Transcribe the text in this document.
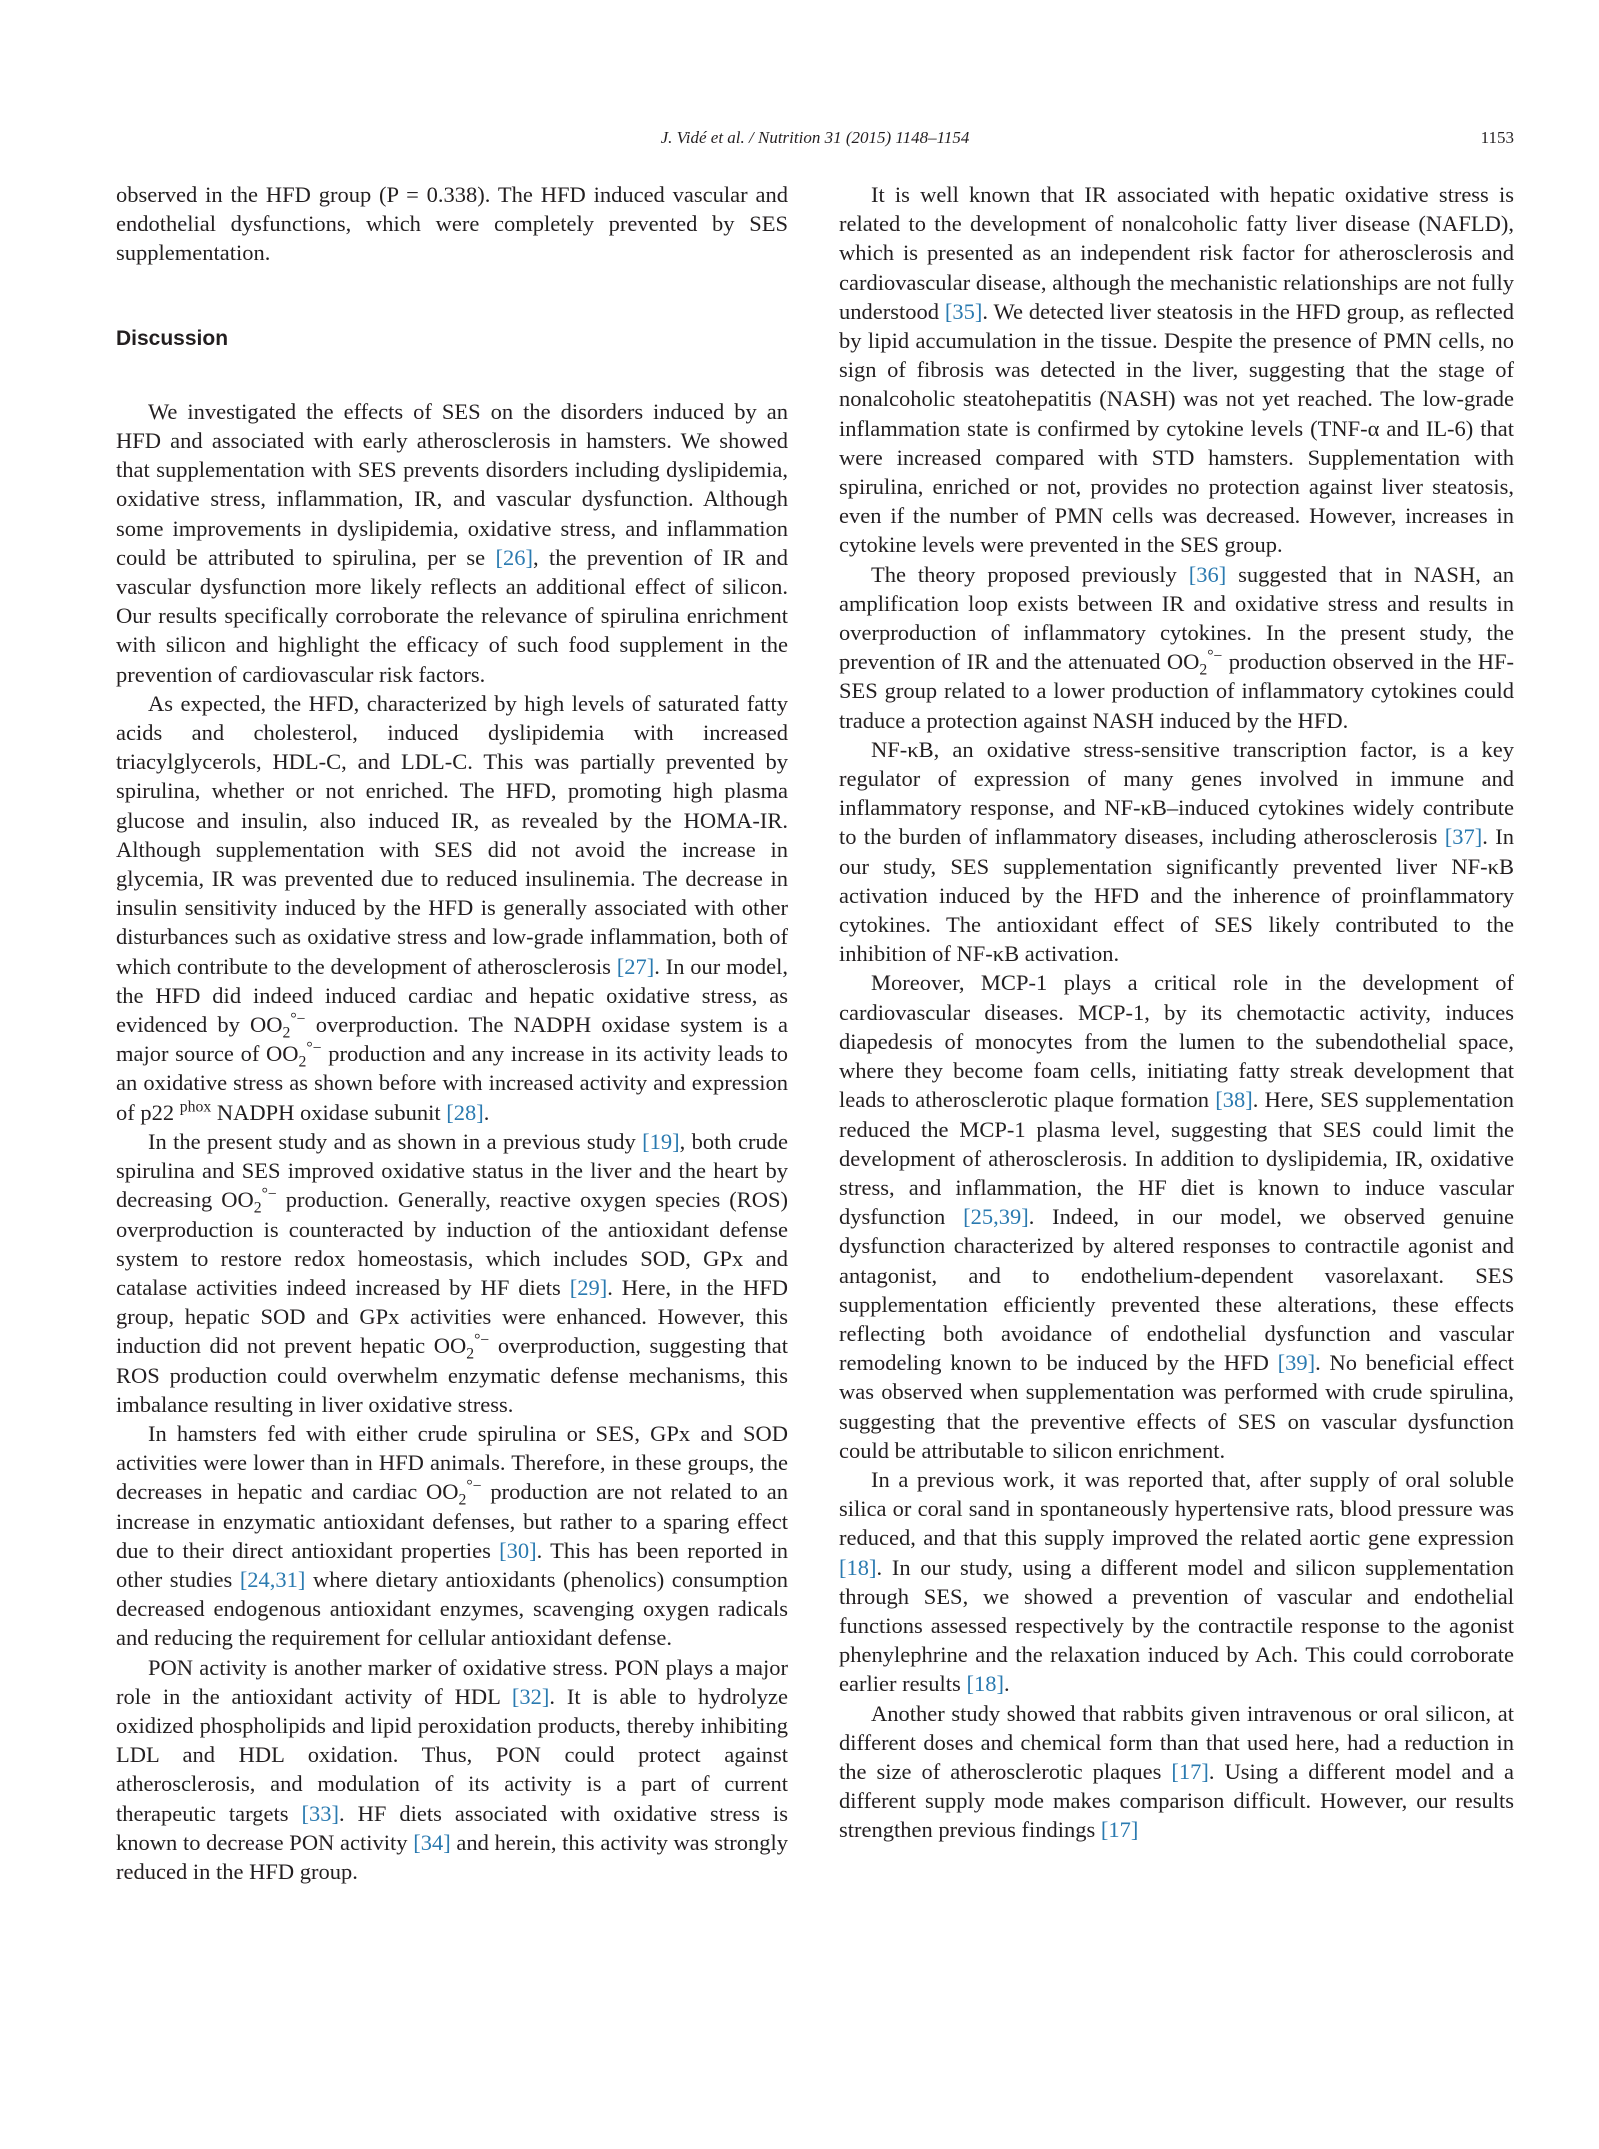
J. Vidé et al. / Nutrition 31 (2015) 1148–1154	1153

observed in the HFD group (P = 0.338). The HFD induced vascular and endothelial dysfunctions, which were completely prevented by SES supplementation.

Discussion

We investigated the effects of SES on the disorders induced by an HFD and associated with early atherosclerosis in hamsters. We showed that supplementation with SES prevents disorders including dyslipidemia, oxidative stress, inflammation, IR, and vascular dysfunction. Although some improvements in dyslipidemia, oxidative stress, and inflammation could be attributed to spirulina, per se [26], the prevention of IR and vascular dysfunction more likely reflects an additional effect of silicon. Our results specifically corroborate the relevance of spirulina enrichment with silicon and highlight the efficacy of such food supplement in the prevention of cardiovascular risk factors.

As expected, the HFD, characterized by high levels of saturated fatty acids and cholesterol, induced dyslipidemia with increased triacylglycerols, HDL-C, and LDL-C. This was partially prevented by spirulina, whether or not enriched. The HFD, promoting high plasma glucose and insulin, also induced IR, as revealed by the HOMA-IR. Although supplementation with SES did not avoid the increase in glycemia, IR was prevented due to reduced insulinemia. The decrease in insulin sensitivity induced by the HFD is generally associated with other disturbances such as oxidative stress and low-grade inflammation, both of which contribute to the development of atherosclerosis [27]. In our model, the HFD did indeed induced cardiac and hepatic oxidative stress, as evidenced by $OO_2^{^\circ-}$ overproduction. The NADPH oxidase system is a major source of $OO_2^{^\circ-}$ production and any increase in its activity leads to an oxidative stress as shown before with increased activity and expression of p22 $^{phox}$ NADPH oxidase subunit [28].

In the present study and as shown in a previous study [19], both crude spirulina and SES improved oxidative status in the liver and the heart by decreasing $OO_2^{^\circ-}$ production. Generally, reactive oxygen species (ROS) overproduction is counteracted by induction of the antioxidant defense system to restore redox homeostasis, which includes SOD, GPx and catalase activities indeed increased by HF diets [29]. Here, in the HFD group, hepatic SOD and GPx activities were enhanced. However, this induction did not prevent hepatic $OO_2^{^\circ-}$ overproduction, suggesting that ROS production could overwhelm enzymatic defense mechanisms, this imbalance resulting in liver oxidative stress.

In hamsters fed with either crude spirulina or SES, GPx and SOD activities were lower than in HFD animals. Therefore, in these groups, the decreases in hepatic and cardiac $OO_2^{^\circ-}$ production are not related to an increase in enzymatic antioxidant defenses, but rather to a sparing effect due to their direct antioxidant properties [30]. This has been reported in other studies [24,31] where dietary antioxidants (phenolics) consumption decreased endogenous antioxidant enzymes, scavenging oxygen radicals and reducing the requirement for cellular antioxidant defense.

PON activity is another marker of oxidative stress. PON plays a major role in the antioxidant activity of HDL [32]. It is able to hydrolyze oxidized phospholipids and lipid peroxidation products, thereby inhibiting LDL and HDL oxidation. Thus, PON could protect against atherosclerosis, and modulation of its activity is a part of current therapeutic targets [33]. HF diets associated with oxidative stress is known to decrease PON activity [34] and herein, this activity was strongly reduced in the HFD group.

It is well known that IR associated with hepatic oxidative stress is related to the development of nonalcoholic fatty liver disease (NAFLD), which is presented as an independent risk factor for atherosclerosis and cardiovascular disease, although the mechanistic relationships are not fully understood [35]. We detected liver steatosis in the HFD group, as reflected by lipid accumulation in the tissue. Despite the presence of PMN cells, no sign of fibrosis was detected in the liver, suggesting that the stage of nonalcoholic steatohepatitis (NASH) was not yet reached. The low-grade inflammation state is confirmed by cytokine levels (TNF-α and IL-6) that were increased compared with STD hamsters. Supplementation with spirulina, enriched or not, provides no protection against liver steatosis, even if the number of PMN cells was decreased. However, increases in cytokine levels were prevented in the SES group.

The theory proposed previously [36] suggested that in NASH, an amplification loop exists between IR and oxidative stress and results in overproduction of inflammatory cytokines. In the present study, the prevention of IR and the attenuated $OO_2^{^\circ-}$ production observed in the HF-SES group related to a lower production of inflammatory cytokines could traduce a protection against NASH induced by the HFD.

NF-κB, an oxidative stress-sensitive transcription factor, is a key regulator of expression of many genes involved in immune and inflammatory response, and NF-κB–induced cytokines widely contribute to the burden of inflammatory diseases, including atherosclerosis [37]. In our study, SES supplementation significantly prevented liver NF-κB activation induced by the HFD and the inherence of proinflammatory cytokines. The antioxidant effect of SES likely contributed to the inhibition of NF-κB activation.

Moreover, MCP-1 plays a critical role in the development of cardiovascular diseases. MCP-1, by its chemotactic activity, induces diapedesis of monocytes from the lumen to the subendothelial space, where they become foam cells, initiating fatty streak development that leads to atherosclerotic plaque formation [38]. Here, SES supplementation reduced the MCP-1 plasma level, suggesting that SES could limit the development of atherosclerosis. In addition to dyslipidemia, IR, oxidative stress, and inflammation, the HF diet is known to induce vascular dysfunction [25,39]. Indeed, in our model, we observed genuine dysfunction characterized by altered responses to contractile agonist and antagonist, and to endothelium-dependent vasorelaxant. SES supplementation efficiently prevented these alterations, these effects reflecting both avoidance of endothelial dysfunction and vascular remodeling known to be induced by the HFD [39]. No beneficial effect was observed when supplementation was performed with crude spirulina, suggesting that the preventive effects of SES on vascular dysfunction could be attributable to silicon enrichment.

In a previous work, it was reported that, after supply of oral soluble silica or coral sand in spontaneously hypertensive rats, blood pressure was reduced, and that this supply improved the related aortic gene expression [18]. In our study, using a different model and silicon supplementation through SES, we showed a prevention of vascular and endothelial functions assessed respectively by the contractile response to the agonist phenylephrine and the relaxation induced by Ach. This could corroborate earlier results [18].

Another study showed that rabbits given intravenous or oral silicon, at different doses and chemical form than that used here, had a reduction in the size of atherosclerotic plaques [17]. Using a different model and a different supply mode makes comparison difficult. However, our results strengthen previous findings [17]
